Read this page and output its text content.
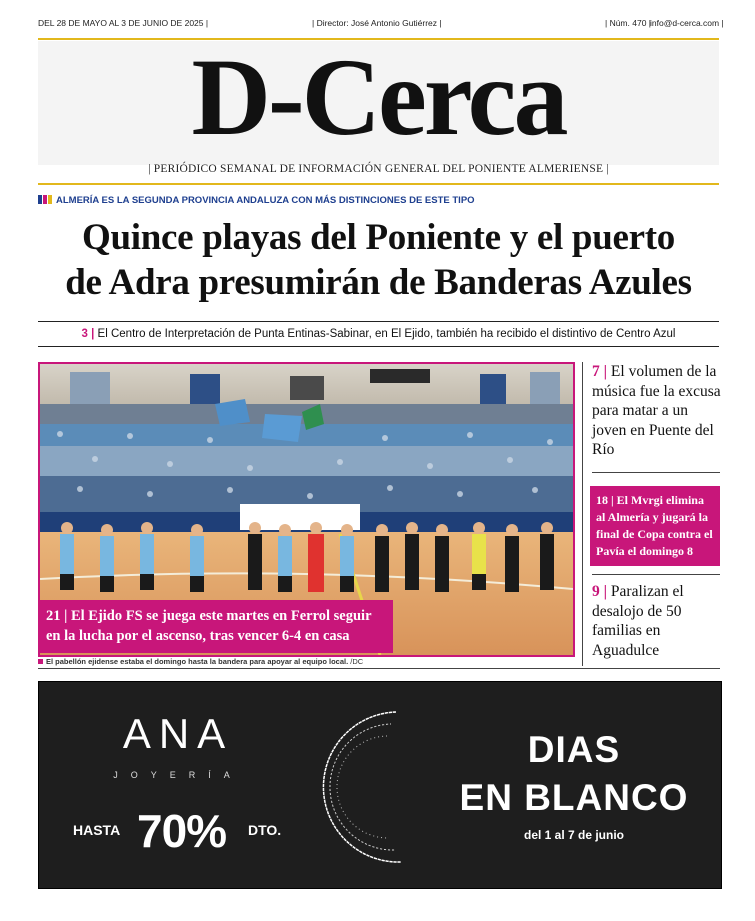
DEL 28 DE MAYO AL 3 DE JUNIO DE 2025 |	| Director: José Antonio Gutiérrez |	| Núm. 470 | info@d-cerca.com |
D-Cerca
| PERIÓDICO SEMANAL DE INFORMACIÓN GENERAL DEL PONIENTE ALMERIENSE |
ALMERÍA ES LA SEGUNDA PROVINCIA ANDALUZA CON MÁS DISTINCIONES DE ESTE TIPO
Quince playas del Poniente y el puerto
de Adra presumirán de Banderas Azules
3 | El Centro de Interpretación de Punta Entinas-Sabinar, en El Ejido, también ha recibido el distintivo de Centro Azul
21 | El Ejido FS se juega este martes en Ferrol seguir en la lucha por el ascenso, tras vencer 6-4 en casa
El pabellón ejidense estaba el domingo hasta la bandera para apoyar al equipo local. /DC
7 | El volumen de la música fue la excusa para matar a un joven en Puente del Río
18 | El Mvrgi elimina al Almería y jugará la final de Copa contra el Pavía el domingo 8
9 | Paralizan el desalojo de 50 familias en Aguadulce
ANA
JOYERÍA
HASTA 70% DTO.
DIAS
EN BLANCO
del 1 al 7 de junio
